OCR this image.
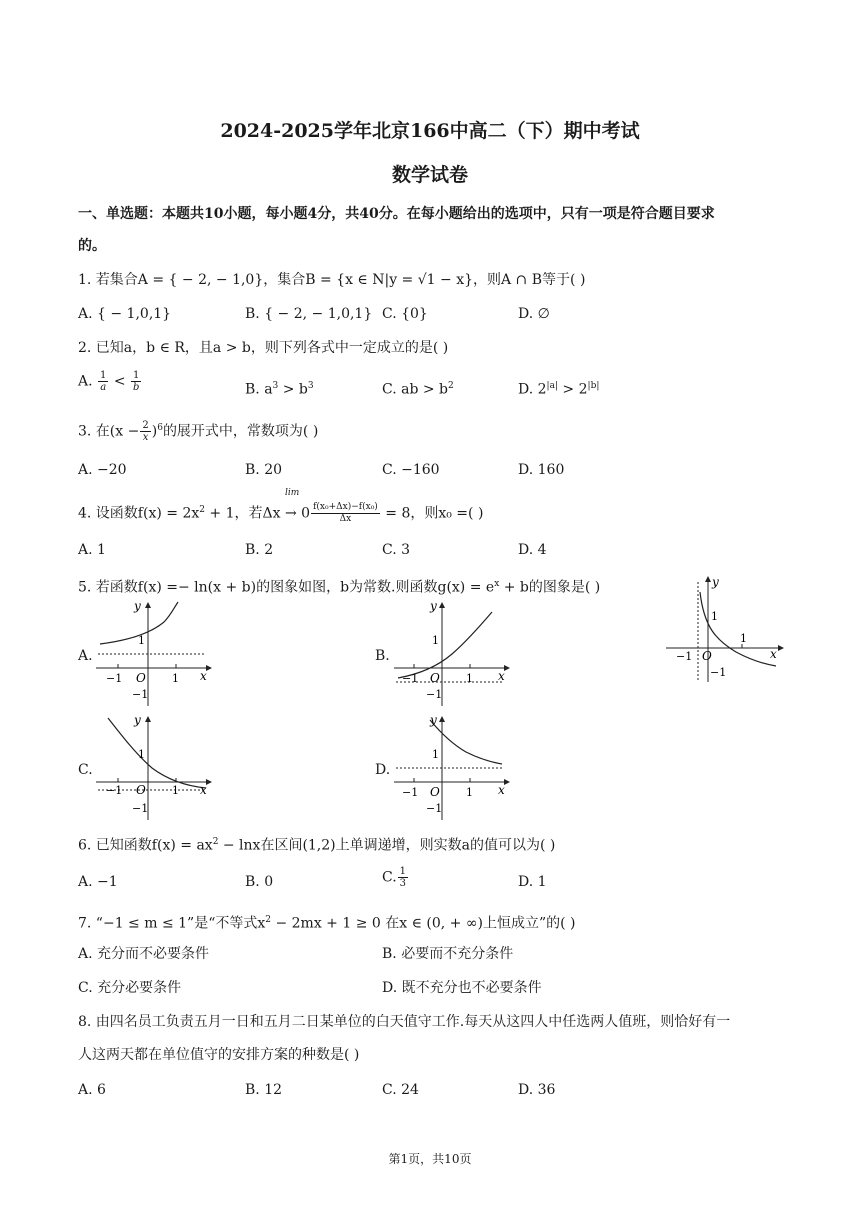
2024-2025学年北京166中高二（下）期中考试
数学试卷
一、单选题：本题共10小题，每小题4分，共40分。在每小题给出的选项中，只有一项是符合题目要求
的。
1. 若集合A = { − 2, − 1,0}，集合B = {x ∈ N|y = √1 − x}，则A ∩ B等于( )
A. { − 1,0,1}	B. { − 2, − 1,0,1} C. {0}	D. ∅
2. 已知a，b ∈ R，且a > b，则下列各式中一定成立的是( )
A. $\frac{1}{a} < \frac{1}{b}$	B. $a^3 > b^3$	C. ab > $b^2$	D. $2^{|a|} > 2^{|b|}$
3. 在$(x - \frac{2}{x} )^6$的展开式中，常数项为( )
A. −20	B. 20	C. −160	D. 160
4. 设函数$f(x) = 2x^2 + 1$，若$\Delta x \to 0 \frac{\text{f(x₀+Δx)−f(x₀)}}{\Delta x} = 8$，则x₀ =( )
lim
A. 1	B. 2	C. 3	D. 4
5. 若函数f(x) =− ln(x + b)的图象如图，b为常数.则函数$g(x) = e^x + b$的图象是( )	y
x
O
1
1
−1
−1
A.
y
x
O
1
1
−1
−1
B.
y
x
O
1
1
−1
−1
C.
y
x
O
1
1
−1
−1
D.
y
x
O
1
1
−1
−1
6. 已知函数$f(x) = ax^2 - \ln x$在区间(1,2)上单调递增，则实数a的值可以为( )
A. −1	B. 0	C. $\frac{1}{3}$	D. 1
7. “−1 ≤ m ≤ 1”是“不等式$x^2 - 2mx + 1 \ge 0$ 在x ∈ (0, + ∞)上恒成立”的( )
A. 充分而不必要条件	B. 必要而不充分条件
C. 充分必要条件	D. 既不充分也不必要条件
8. 由四名员工负责五月一日和五月二日某单位的白天值守工作.每天从这四人中任选两人值班，则恰好有一
人这两天都在单位值守的安排方案的种数是( )
A. 6	B. 12	C. 24	D. 36
第1页，共10页
